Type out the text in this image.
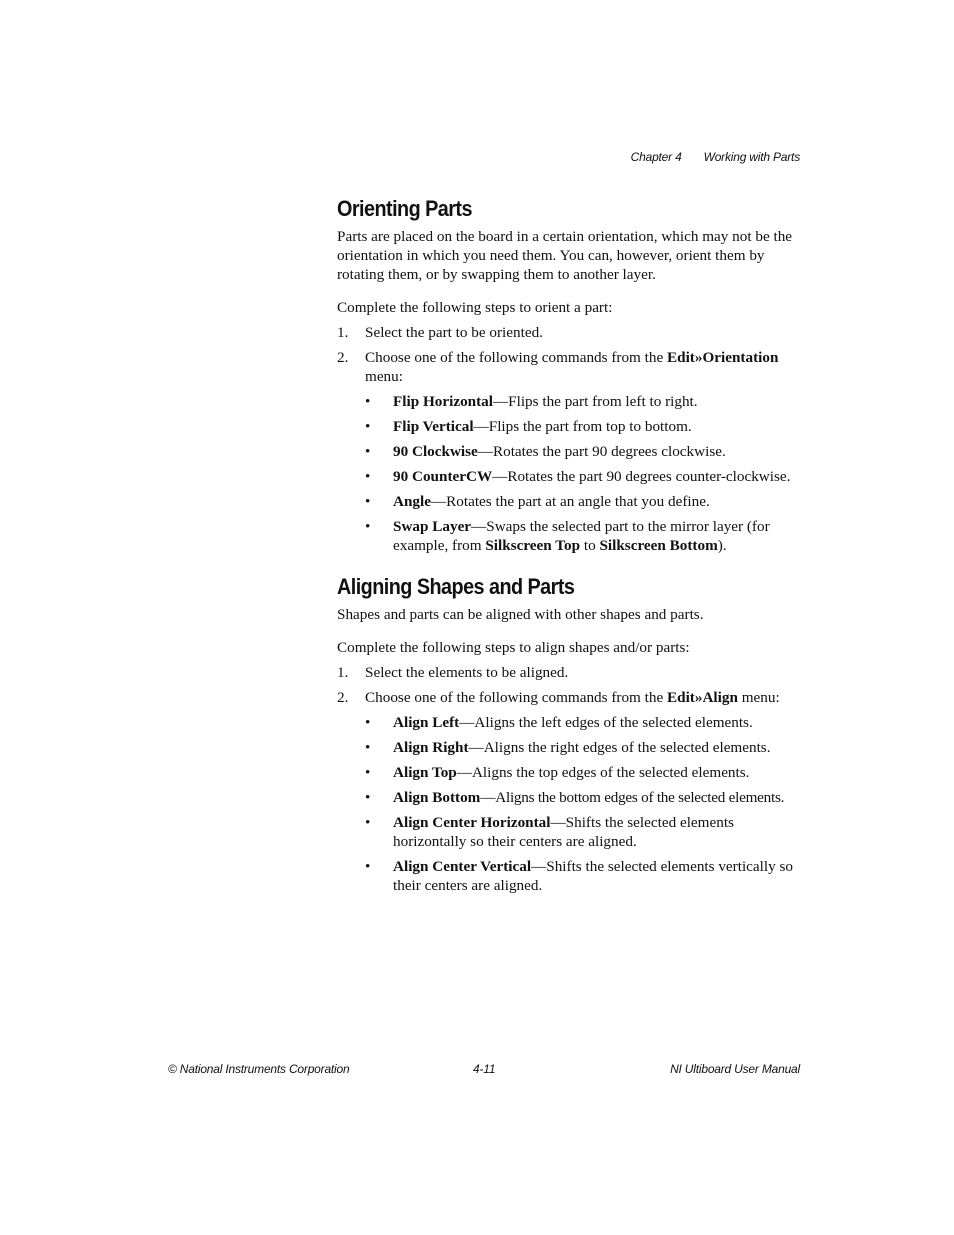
Chapter 4 Working with Parts
Orienting Parts

Parts are placed on the board in a certain orientation, which may not be the orientation in which you need them. You can, however, orient them by rotating them, or by swapping them to another layer.

Complete the following steps to orient a part:

1. Select the part to be oriented.
2. Choose one of the following commands from the Edit»Orientation menu:
• Flip Horizontal—Flips the part from left to right.
• Flip Vertical—Flips the part from top to bottom.
• 90 Clockwise—Rotates the part 90 degrees clockwise.
• 90 CounterCW—Rotates the part 90 degrees counter-clockwise.
• Angle—Rotates the part at an angle that you define.
• Swap Layer—Swaps the selected part to the mirror layer (for example, from Silkscreen Top to Silkscreen Bottom).
Aligning Shapes and Parts

Shapes and parts can be aligned with other shapes and parts.

Complete the following steps to align shapes and/or parts:

1. Select the elements to be aligned.
2. Choose one of the following commands from the Edit»Align menu:
• Align Left—Aligns the left edges of the selected elements.
• Align Right—Aligns the right edges of the selected elements.
• Align Top—Aligns the top edges of the selected elements.
• Align Bottom—Aligns the bottom edges of the selected elements.
• Align Center Horizontal—Shifts the selected elements horizontally so their centers are aligned.
• Align Center Vertical—Shifts the selected elements vertically so their centers are aligned.
© National Instruments Corporation	4-11	NI Ultiboard User Manual
